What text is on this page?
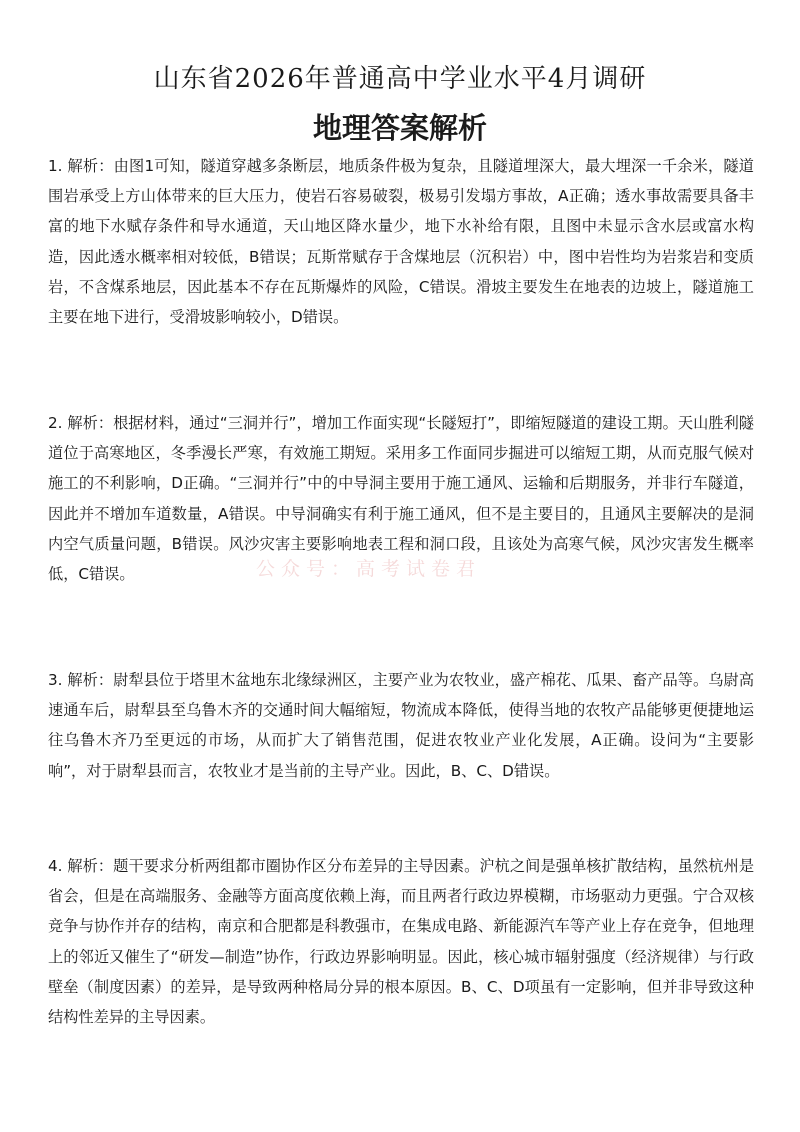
山东省2026年普通高中学业水平4月调研
地理答案解析

1. 解析：由图1可知，隧道穿越多条断层，地质条件极为复杂，且隧道埋深大，最大埋深一千余米，隧道围岩承受上方山体带来的巨大压力，使岩石容易破裂，极易引发塌方事故，A正确；透水事故需要具备丰富的地下水赋存条件和导水通道，天山地区降水量少，地下水补给有限，且图中未显示含水层或富水构造，因此透水概率相对较低，B错误；瓦斯常赋存于含煤地层（沉积岩）中，图中岩性均为岩浆岩和变质岩，不含煤系地层，因此基本不存在瓦斯爆炸的风险，C错误。滑坡主要发生在地表的边坡上，隧道施工主要在地下进行，受滑坡影响较小，D错误。

2. 解析：根据材料，通过“三洞并行”，增加工作面实现“长隧短打”，即缩短隧道的建设工期。天山胜利隧道位于高寒地区，冬季漫长严寒，有效施工期短。采用多工作面同步掘进可以缩短工期，从而克服气候对施工的不利影响，D正确。“三洞并行”中的中导洞主要用于施工通风、运输和后期服务，并非行车隧道，因此并不增加车道数量，A错误。中导洞确实有利于施工通风，但不是主要目的，且通风主要解决的是洞内空气质量问题，B错误。风沙灾害主要影响地表工程和洞口段，且该处为高寒气候，风沙灾害发生概率低，C错误。

3. 解析：尉犁县位于塔里木盆地东北缘绿洲区，主要产业为农牧业，盛产棉花、瓜果、畜产品等。乌尉高速通车后，尉犁县至乌鲁木齐的交通时间大幅缩短，物流成本降低，使得当地的农牧产品能够更便捷地运往乌鲁木齐乃至更远的市场，从而扩大了销售范围，促进农牧业产业化发展，A正确。设问为“主要影响”，对于尉犁县而言，农牧业才是当前的主导产业。因此，B、C、D错误。

4. 解析：题干要求分析两组都市圈协作区分布差异的主导因素。沪杭之间是强单核扩散结构，虽然杭州是省会，但是在高端服务、金融等方面高度依赖上海，而且两者行政边界模糊，市场驱动力更强。宁合双核竞争与协作并存的结构，南京和合肥都是科教强市，在集成电路、新能源汽车等产业上存在竞争，但地理上的邻近又催生了“研发—制造”协作，行政边界影响明显。因此，核心城市辐射强度（经济规律）与行政壁垒（制度因素）的差异，是导致两种格局分异的根本原因。B、C、D项虽有一定影响，但并非导致这种结构性差异的主导因素。

公众号：高考试卷君
